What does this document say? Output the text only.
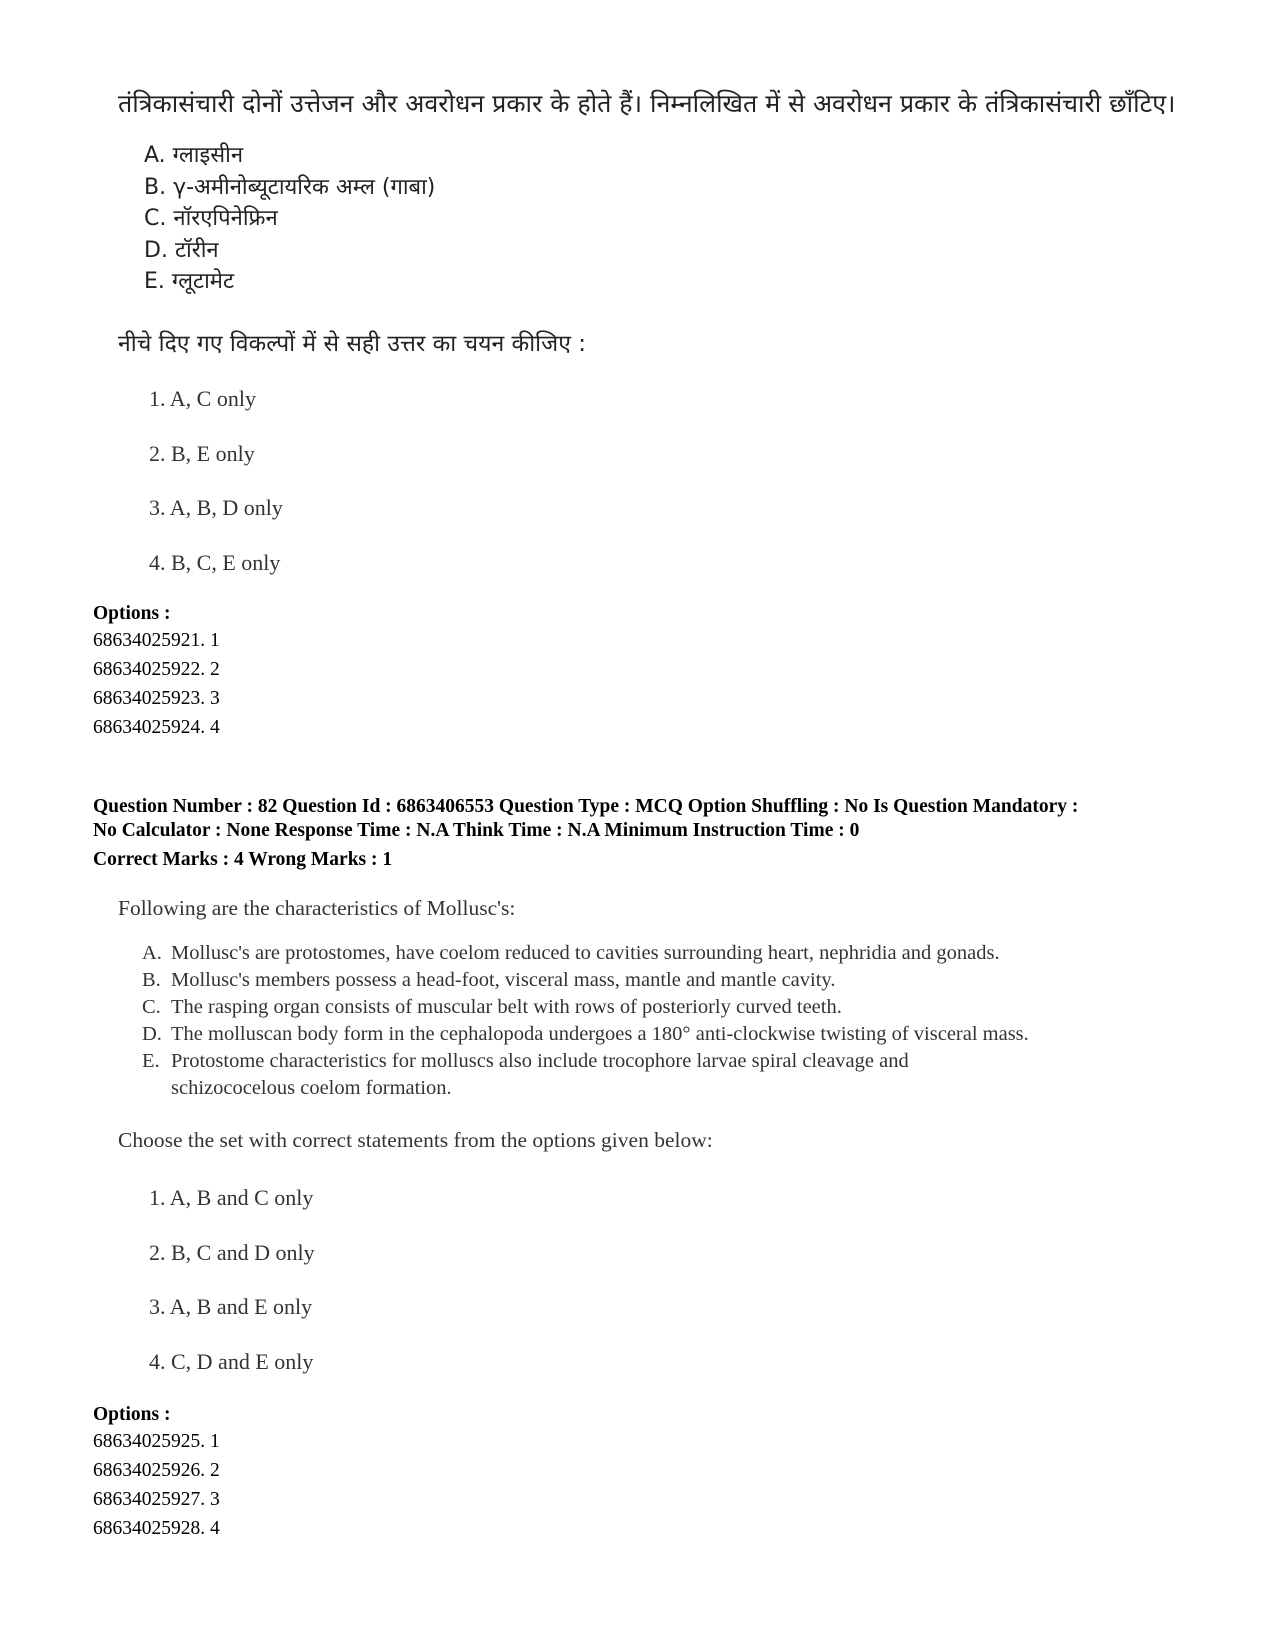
तंत्रिकासंचारी दोनों उत्तेजन और अवरोधन प्रकार के होते हैं। निम्नलिखित में से अवरोधन प्रकार के तंत्रिकासंचारी छाँटिए।
A. ग्लाइसीन
B. γ-अमीनोब्यूटायरिक अम्ल (गाबा)
C. नॉरएपिनेफ्रिन
D. टॉरीन
E. ग्लूटामेट
नीचे दिए गए विकल्पों में से सही उत्तर का चयन कीजिए :
1. A, C only
2. B, E only
3. A, B, D only
4. B, C, E only
Options :
68634025921. 1
68634025922. 2
68634025923. 3
68634025924. 4
Question Number : 82 Question Id : 6863406553 Question Type : MCQ Option Shuffling : No Is Question Mandatory :
No Calculator : None Response Time : N.A Think Time : N.A Minimum Instruction Time : 0
Correct Marks : 4 Wrong Marks : 1
Following are the characteristics of Mollusc's:
A. Mollusc's are protostomes, have coelom reduced to cavities surrounding heart, nephridia and gonads.
B. Mollusc's members possess a head-foot, visceral mass, mantle and mantle cavity.
C. The rasping organ consists of muscular belt with rows of posteriorly curved teeth.
D. The molluscan body form in the cephalopoda undergoes a 180° anti-clockwise twisting of visceral mass.
E. Protostome characteristics for molluscs also include trocophore larvae spiral cleavage and schizococelous coelom formation.
Choose the set with correct statements from the options given below:
1. A, B and C only
2. B, C and D only
3. A, B and E only
4. C, D and E only
Options :
68634025925. 1
68634025926. 2
68634025927. 3
68634025928. 4
